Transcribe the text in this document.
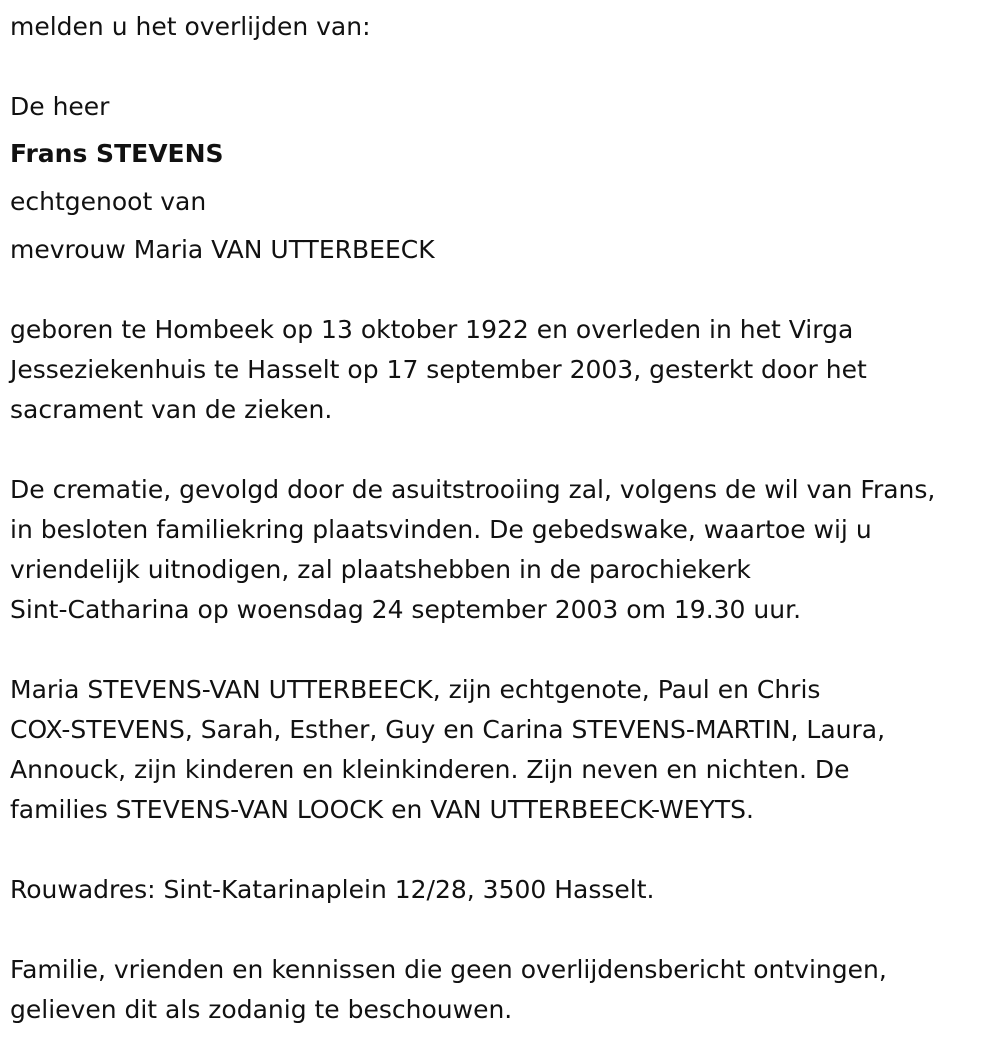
melden u het overlijden van:
De heer
Frans STEVENS
echtgenoot van
mevrouw Maria VAN UTTERBEECK
geboren te Hombeek op 13 oktober 1922 en overleden in het Virga
Jesseziekenhuis te Hasselt op 17 september 2003, gesterkt door het
sacrament van de zieken.
De crematie, gevolgd door de asuitstrooiing zal, volgens de wil van Frans,
in besloten familiekring plaatsvinden. De gebedswake, waartoe wij u
vriendelijk uitnodigen, zal plaatshebben in de parochiekerk
Sint-Catharina op woensdag 24 september 2003 om 19.30 uur.
Maria STEVENS-VAN UTTERBEECK, zijn echtgenote, Paul en Chris
COX-STEVENS, Sarah, Esther, Guy en Carina STEVENS-MARTIN, Laura,
Annouck, zijn kinderen en kleinkinderen. Zijn neven en nichten. De
families STEVENS-VAN LOOCK en VAN UTTERBEECK-WEYTS.
Rouwadres: Sint-Katarinaplein 12/28, 3500 Hasselt.
Familie, vrienden en kennissen die geen overlijdensbericht ontvingen,
gelieven dit als zodanig te beschouwen.
